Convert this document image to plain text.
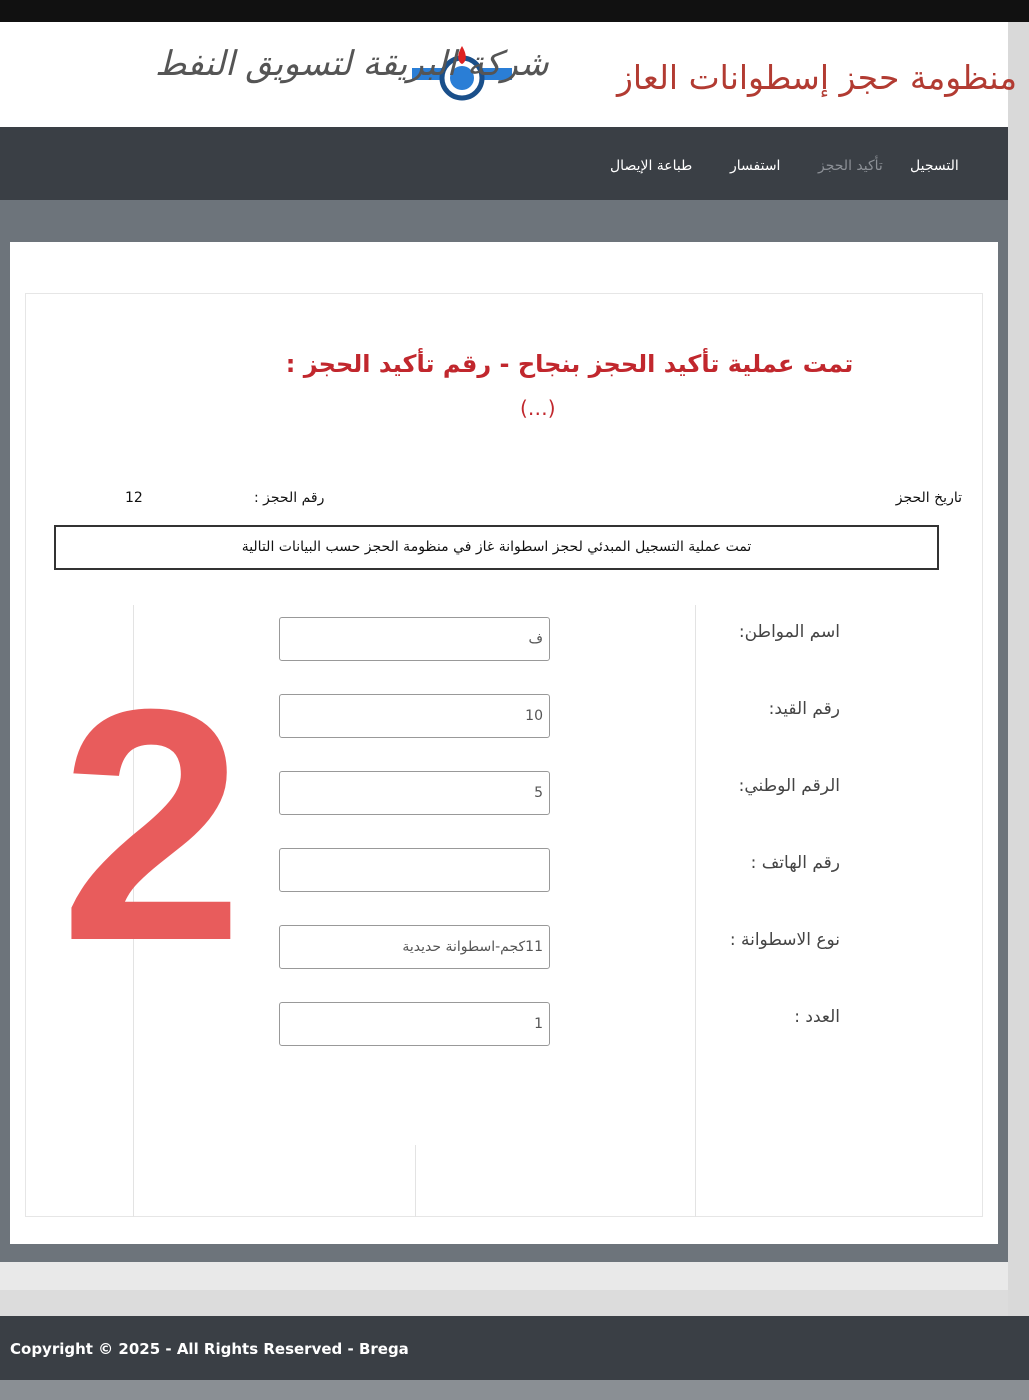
منظومة حجز إسطوانات العاز
شركة البريقة لتسويق النفط
التسجيل
تأكيد الحجز
استفسار
طباعة الإيصال
تمت عملية تأكيد الحجز بنجاح - رقم تأكيد الحجز :
(…)
تاريخ الحجز
رقم الحجز :
12
تمت عملية التسجيل المبدئي لحجز اسطوانة غاز في منظومة الحجز حسب البيانات التالية
اسم المواطن:
ف
رقم القيد:
10
الرقم الوطني:
5
رقم الهاتف :
نوع الاسطوانة :
11كجم-اسطوانة حديدية
العدد :
1
2
Copyright © 2025 - All Rights Reserved - Brega
